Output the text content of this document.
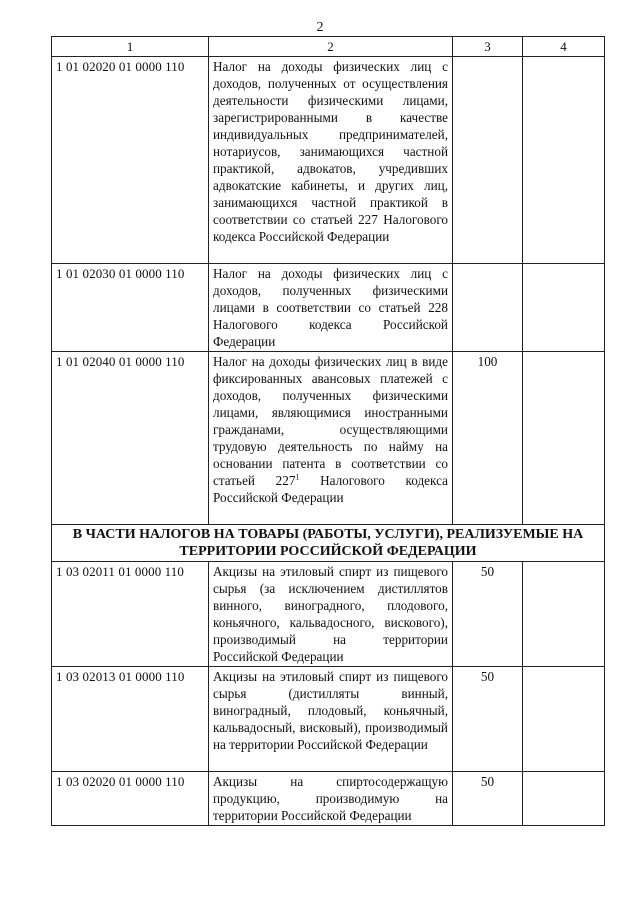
2
1	2	3	4
1 01 02020 01 0000 110	Налог на доходы физических лиц с доходов, полученных от осуществления деятельности физическими лицами, зарегистрированными в качестве индивидуальных предпринимателей, нотариусов, занимающихся частной практикой, адвокатов, учредивших адвокатские кабинеты, и других лиц, занимающихся частной практикой в соответствии со статьей 227 Налогового кодекса Российской Федерации		
1 01 02030 01 0000 110	Налог на доходы физических лиц с доходов, полученных физическими лицами в соответствии со статьей 228 Налогового кодекса Российской Федерации		
1 01 02040 01 0000 110	Налог на доходы физических лиц в виде фиксированных авансовых платежей с доходов, полученных физическими лицами, являющимися иностранными гражданами, осуществляющими трудовую деятельность по найму на основании патента в соответствии со статьей $227^1$ Налогового кодекса Российской Федерации	100	
В ЧАСТИ НАЛОГОВ НА ТОВАРЫ (РАБОТЫ, УСЛУГИ), РЕАЛИЗУЕМЫЕ НА ТЕРРИТОРИИ РОССИЙСКОЙ ФЕДЕРАЦИИ			
1 03 02011 01 0000 110	Акцизы на этиловый спирт из пищевого сырья (за исключением дистиллятов винного, виноградного, плодового, коньячного, кальвадосного, вискового), производимый на территории Российской Федерации	50	
1 03 02013 01 0000 110	Акцизы на этиловый спирт из пищевого сырья (дистилляты винный, виноградный, плодовый, коньячный, кальвадосный, висковый), производимый на территории Российской Федерации	50	
1 03 02020 01 0000 110	Акцизы на спиртосодержащую продукцию, производимую на территории Российской Федерации	50	
